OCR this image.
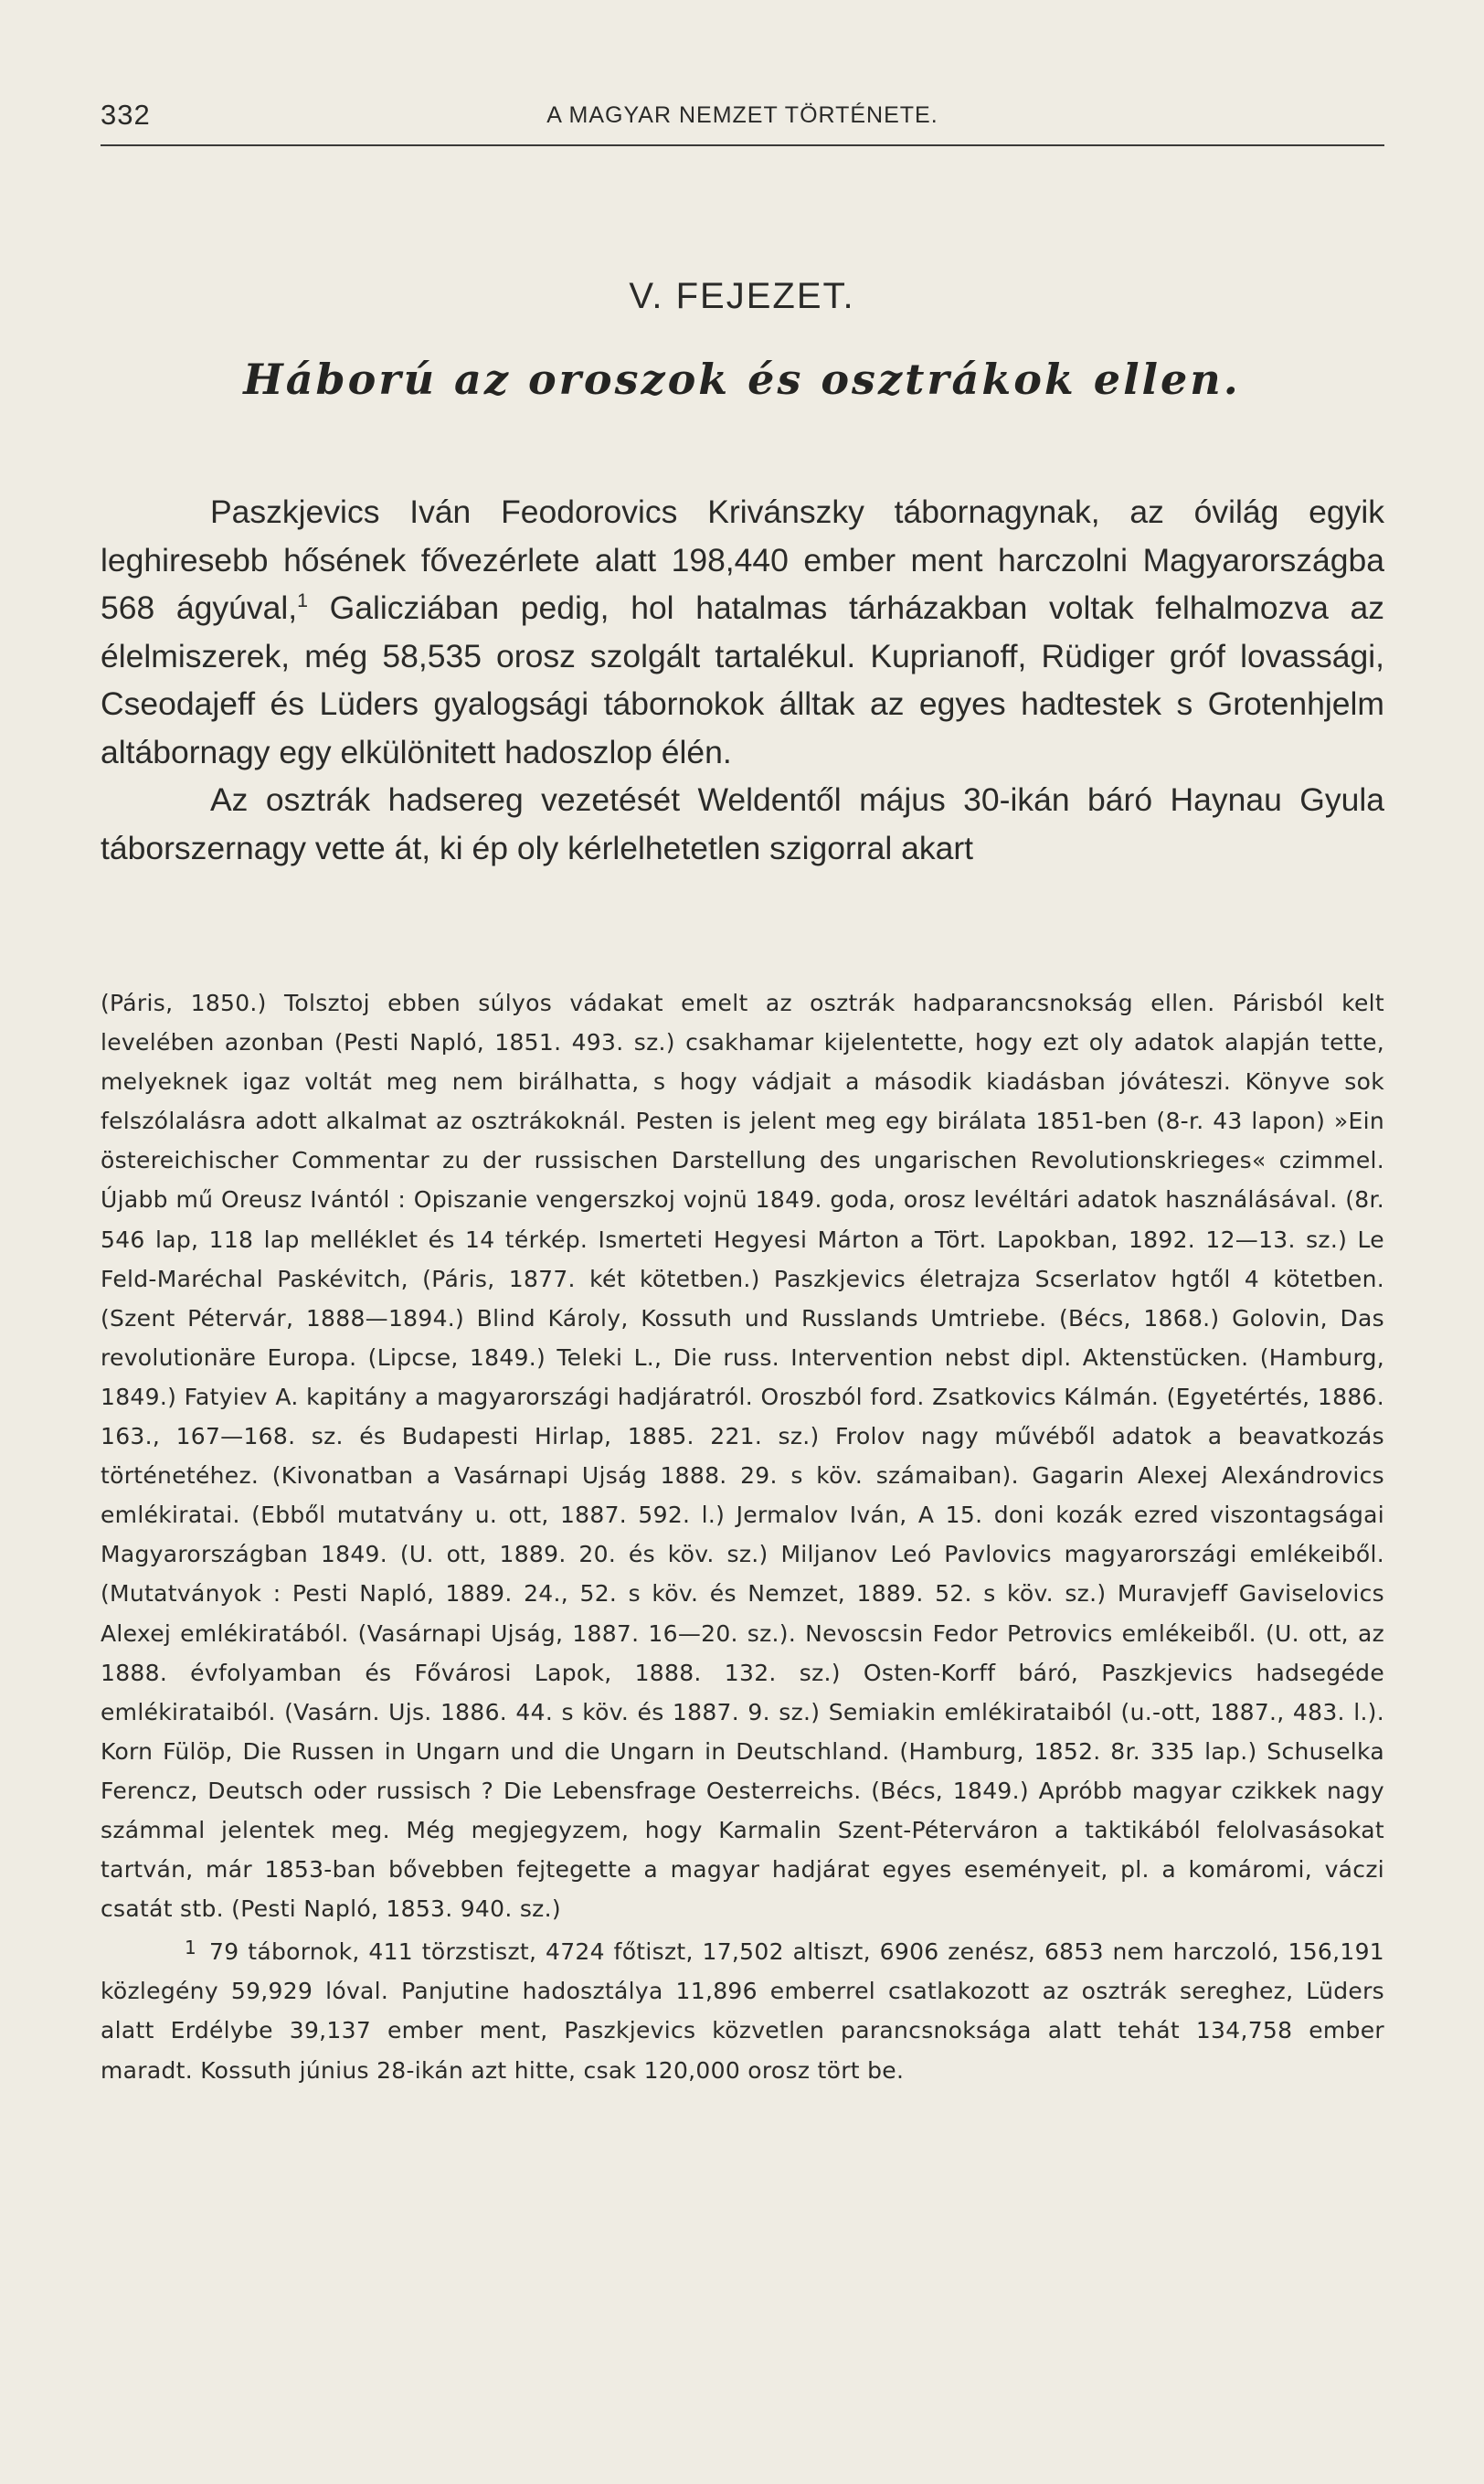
332	A MAGYAR NEMZET TÖRTÉNETE.
V. FEJEZET.
Háború az oroszok és osztrákok ellen.

Paszkjevics Iván Feodorovics Krivánszky tábornagynak, az óvilág egyik leghiresebb hősének fővezérlete alatt 198,440 ember ment harczolni Magyarországba 568 ágyúval,$^1$ Galicziában pedig, hol hatalmas tárházakban voltak felhalmozva az élelmiszerek, még 58,535 orosz szolgált tartalékul. Kuprianoff, Rüdiger gróf lovassági, Cseodajeff és Lüders gyalogsági tábornokok álltak az egyes hadtestek s Grotenhjelm altábornagy egy elkülönitett hadoszlop élén.

Az osztrák hadsereg vezetését Weldentől május 30-ikán báró Haynau Gyula táborszernagy vette át, ki ép oly kérlelhetetlen szigorral akart

(Páris, 1850.) Tolsztoj ebben súlyos vádakat emelt az osztrák hadparancsnokság ellen. Párisból kelt levelében azonban (Pesti Napló, 1851. 493. sz.) csakhamar kijelentette, hogy ezt oly adatok alapján tette, melyeknek igaz voltát meg nem birálhatta, s hogy vádjait a második kiadásban jóváteszi. Könyve sok felszólalásra adott alkalmat az osztrákoknál. Pesten is jelent meg egy birálata 1851-ben (8-r. 43 lapon) »Ein östereichischer Commentar zu der russischen Darstellung des ungarischen Revolutionskrieges« czimmel. Újabb mű Oreusz Ivántól : Opiszanie vengerszkoj vojnü 1849. goda, orosz levéltári adatok használásával. (8r. 546 lap, 118 lap melléklet és 14 térkép. Ismerteti Hegyesi Márton a Tört. Lapokban, 1892. 12—13. sz.) Le Feld-Maréchal Paskévitch, (Páris, 1877. két kötetben.) Paszkjevics életrajza Scserlatov hgtől 4 kötetben. (Szent Pétervár, 1888—1894.) Blind Károly, Kossuth und Russlands Umtriebe. (Bécs, 1868.) Golovin, Das revolutionäre Europa. (Lipcse, 1849.) Teleki L., Die russ. Intervention nebst dipl. Aktenstücken. (Hamburg, 1849.) Fatyiev A. kapitány a magyarországi hadjáratról. Oroszból ford. Zsatkovics Kálmán. (Egyetértés, 1886. 163., 167—168. sz. és Budapesti Hirlap, 1885. 221. sz.) Frolov nagy művéből adatok a beavatkozás történetéhez. (Kivonatban a Vasárnapi Ujság 1888. 29. s köv. számaiban). Gagarin Alexej Alexándrovics emlékiratai. (Ebből mutatvány u. ott, 1887. 592. l.) Jermalov Iván, A 15. doni kozák ezred viszontagságai Magyarországban 1849. (U. ott, 1889. 20. és köv. sz.) Miljanov Leó Pavlovics magyarországi emlékeiből. (Mutatványok : Pesti Napló, 1889. 24., 52. s köv. és Nemzet, 1889. 52. s köv. sz.) Muravjeff Gaviselovics Alexej emlékiratából. (Vasárnapi Ujság, 1887. 16—20. sz.). Nevoscsin Fedor Petrovics emlékeiből. (U. ott, az 1888. évfolyamban és Fővárosi Lapok, 1888. 132. sz.) Osten-Korff báró, Paszkjevics hadsegéde emlékirataiból. (Vasárn. Ujs. 1886. 44. s köv. és 1887. 9. sz.) Semiakin emlékirataiból (u.-ott, 1887., 483. l.). Korn Fülöp, Die Russen in Ungarn und die Ungarn in Deutschland. (Hamburg, 1852. 8r. 335 lap.) Schuselka Ferencz, Deutsch oder russisch ? Die Lebensfrage Oesterreichs. (Bécs, 1849.) Apróbb magyar czikkek nagy számmal jelentek meg. Még megjegyzem, hogy Karmalin Szent-Péterváron a taktikából felolvasásokat tartván, már 1853-ban bővebben fejtegette a magyar hadjárat egyes eseményeit, pl. a komáromi, váczi csatát stb. (Pesti Napló, 1853. 940. sz.)

$^1$ 79 tábornok, 411 törzstiszt, 4724 főtiszt, 17,502 altiszt, 6906 zenész, 6853 nem harczoló, 156,191 közlegény 59,929 lóval. Panjutine hadosztálya 11,896 emberrel csatlakozott az osztrák sereghez, Lüders alatt Erdélybe 39,137 ember ment, Paszkjevics közvetlen parancsnoksága alatt tehát 134,758 ember maradt. Kossuth június 28-ikán azt hitte, csak 120,000 orosz tört be.
